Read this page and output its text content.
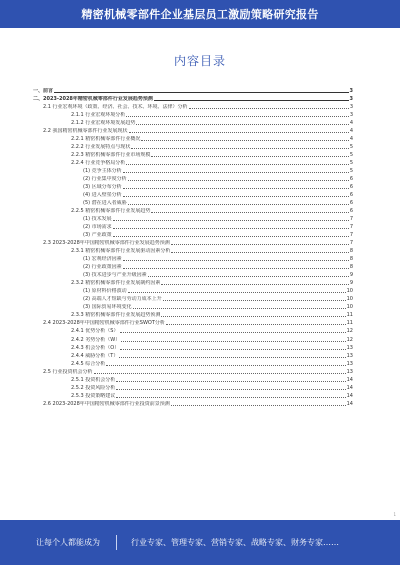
精密机械零部件企业基层员工激励策略研究报告
内容目录
一、前言	3
二、2023-2028年精密机械零部件行业发展趋势预测	3
2.1 行业宏观环境（政策、经济、社会、技术、环境、法律）分析	3
2.1.1 行业宏观环境分析	3
2.1.2 行业宏观环境发展趋势	4
2.2 我国精密机械零部件行业发展现状	4
2.2.1 精密机械零部件行业概况	4
2.2.2 行业发展特点与现状	5
2.2.3 精密机械零部件行业市场规模	5
2.2.4 行业竞争格局分析	5
(1) 竞争主体分析	5
(2) 行业集中度分析	6
(3) 区域分布分析	6
(4) 进入壁垒分析	6
(5) 潜在进入者威胁	6
2.2.5 精密机械零部件行业发展趋势	6
(1) 技术发展	7
(2) 市场需求	7
(3) 产业政策	7
2.3 2023-2028年中国精密机械零部件行业发展趋势预测	7
2.3.1 精密机械零部件行业发展驱动因素分析	8
(1) 宏观经济因素	8
(2) 行业政策因素	8
(3) 技术进步与产业升级因素	9
2.3.2 精密机械零部件行业发展制约因素	9
(1) 原材料价格波动	10
(2) 高端人才短缺与劳动力成本上升	10
(3) 国际贸易环境变化	10
2.3.3 精密机械零部件行业发展趋势预测	11
2.4 2023-2028年中国精密机械零部件行业SWOT分析	11
2.4.1 优势分析（S）	12
2.4.2 劣势分析（W）	12
2.4.3 机会分析（O）	13
2.4.4 威胁分析（T）	13
2.4.5 综合分析	13
2.5 行业投资机会分析	13
2.5.1 投资机会分析	14
2.5.2 投资风险分析	14
2.5.3 投资策略建议	14
2.6 2023-2028年中国精密机械零部件行业投资前景预测	14
1
让每个人都能成为	行业专家、管理专家、营销专家、战略专家、财务专家……
